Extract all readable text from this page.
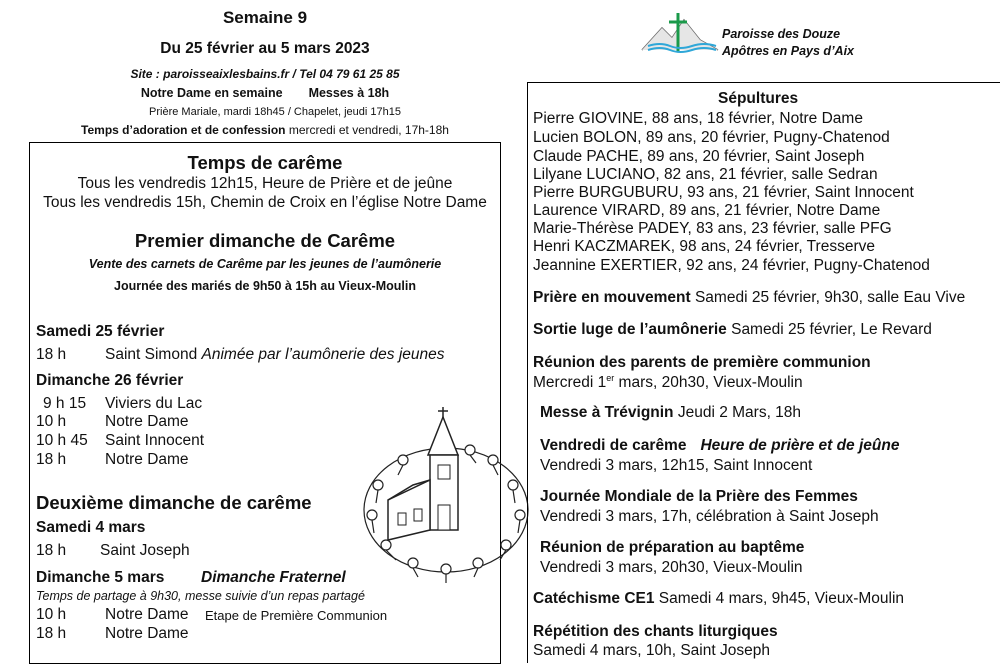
Semaine 9
Du 25 février au 5 mars 2023
Site : paroisseaixlesbains.fr / Tel 04 79 61 25 85
Notre Dame en semaine Messes à 18h
Prière Mariale, mardi 18h45 / Chapelet, jeudi 17h15
Temps d’adoration et de confession mercredi et vendredi, 17h-18h
Paroisse des Douze
Apôtres en Pays d’Aix
Temps de carême
Tous les vendredis 12h15, Heure de Prière et de jeûne
Tous les vendredis 15h, Chemin de Croix en l’église Notre Dame
Premier dimanche de Carême
Vente des carnets de Carême par les jeunes de l’aumônerie
Journée des mariés de 9h50 à 15h au Vieux-Moulin
Samedi 25 février
18 h	Saint Simond Animée par l’aumônerie des jeunes
Dimanche 26 février
9 h 15 Viviers du Lac
10 h	Notre Dame
10 h 45 Saint Innocent
18 h	Notre Dame
Deuxième dimanche de carême
Samedi 4 mars
18 h Saint Joseph
Dimanche 5 mars Dimanche Fraternel
Temps de partage à 9h30, messe suivie d’un repas partagé
10 h	Notre Dame Etape de Première Communion
18 h	Notre Dame
Sépultures
Pierre GIOVINE, 88 ans, 18 février, Notre Dame
Lucien BOLON, 89 ans, 20 février, Pugny-Chatenod
Claude PACHE, 89 ans, 20 février, Saint Joseph
Lilyane LUCIANO, 82 ans, 21 février, salle Sedran
Pierre BURGUBURU, 93 ans, 21 février, Saint Innocent
Laurence VIRARD, 89 ans, 21 février, Notre Dame
Marie-Thérèse PADEY, 83 ans, 23 février, salle PFG
Henri KACZMAREK, 98 ans, 24 février, Tresserve
Jeannine EXERTIER, 92 ans, 24 février, Pugny-Chatenod
Prière en mouvement Samedi 25 février, 9h30, salle Eau Vive
Sortie luge de l’aumônerie Samedi 25 février, Le Revard
Réunion des parents de première communion
Mercredi 1er mars, 20h30, Vieux-Moulin
Messe à Trévignin Jeudi 2 Mars, 18h
Vendredi de carême Heure de prière et de jeûne
Vendredi 3 mars, 12h15, Saint Innocent
Journée Mondiale de la Prière des Femmes
Vendredi 3 mars, 17h, célébration à Saint Joseph
Réunion de préparation au baptême
Vendredi 3 mars, 20h30, Vieux-Moulin
Catéchisme CE1 Samedi 4 mars, 9h45, Vieux-Moulin
Répétition des chants liturgiques
Samedi 4 mars, 10h, Saint Joseph
